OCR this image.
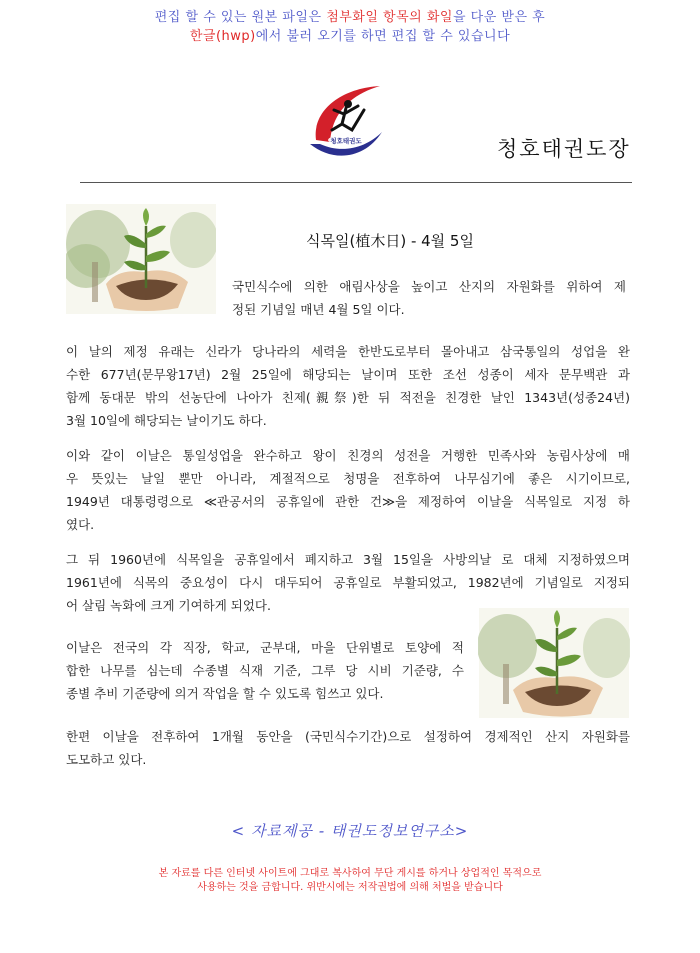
편집 할 수 있는 원본 파일은 첨부화일 항목의 화일을 다운 받은 후
한글(hwp)에서 불러 오기를 하면 편집 할 수 있습니다
청호태권도	청호태권도장
식목일(植木日) - 4월 5일

국민식수에 의한 애림사상을 높이고 산지의 자원화를 위하여 제
정된 기념일 매년 4월 5일 이다.

이 날의 제정 유래는 신라가 당나라의 세력을 한반도로부터 몰아내고 삼국통일의 성업을 완
수한 677년(문무왕17년) 2월 25일에 해당되는 날이며 또한 조선 성종이 세자 문무백관 과
함께 동대문 밖의 선농단에 나아가 친제(親祭)한 뒤 적전을 친경한 날인 1343년(성종24년)
3월 10일에 해당되는 날이기도 하다.

이와 같이 이날은 통일성업을 완수하고 왕이 친경의 성전을 거행한 민족사와 농림사상에 매
우 뜻있는 날일 뿐만 아니라, 계절적으로 청명을 전후하여 나무심기에 좋은 시기이므로,
1949년 대통령령으로 ≪관공서의 공휴일에 관한 건≫을 제정하여 이날을 식목일로 지정 하
였다.

그 뒤 1960년에 식목일을 공휴일에서 폐지하고 3월 15일을 사방의날 로 대체 지정하였으며
1961년에 식목의 중요성이 다시 대두되어 공휴일로 부활되었고, 1982년에 기념일로 지정되
어 살림 녹화에 크게 기여하게 되었다.

이날은 전국의 각 직장, 학교, 군부대, 마을 단위별로 토양에 적
합한 나무를 심는데 수종별 식재 기준, 그루 당 시비 기준량, 수
종별 추비 기준량에 의거 작업을 할 수 있도록 힘쓰고 있다.

한편 이날을 전후하여 1개월 동안을 (국민식수기간)으로 설정하여 경제적인 산지 자원화를
도모하고 있다.

< 자료제공 - 태권도정보연구소>
본 자료를 다른 인터넷 사이트에 그대로 복사하여 무단 게시를 하거나 상업적인 목적으로
사용하는 것을 금합니다. 위반시에는 저작권법에 의해 처벌을 받습니다
